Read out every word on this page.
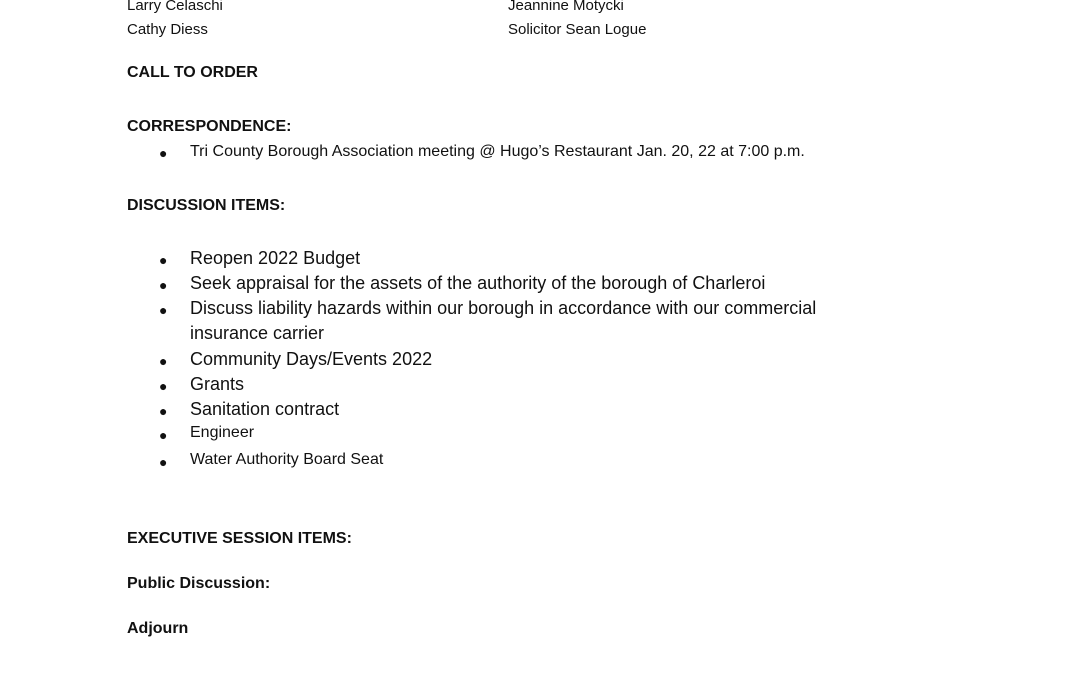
Larry Celaschi
Cathy Diess
Jeannine Motycki
Solicitor Sean Logue
CALL TO ORDER
CORRESPONDENCE:
● Tri County Borough Association meeting @ Hugo’s Restaurant Jan. 20, 22 at 7:00 p.m.
DISCUSSION ITEMS:
● Reopen 2022 Budget
● Seek appraisal for the assets of the authority of the borough of Charleroi
● Discuss liability hazards within our borough in accordance with our commercial
insurance carrier
● Community Days/Events 2022
● Grants
● Sanitation contract
● Engineer
● Water Authority Board Seat
EXECUTIVE SESSION ITEMS:
Public Discussion:
Adjourn
